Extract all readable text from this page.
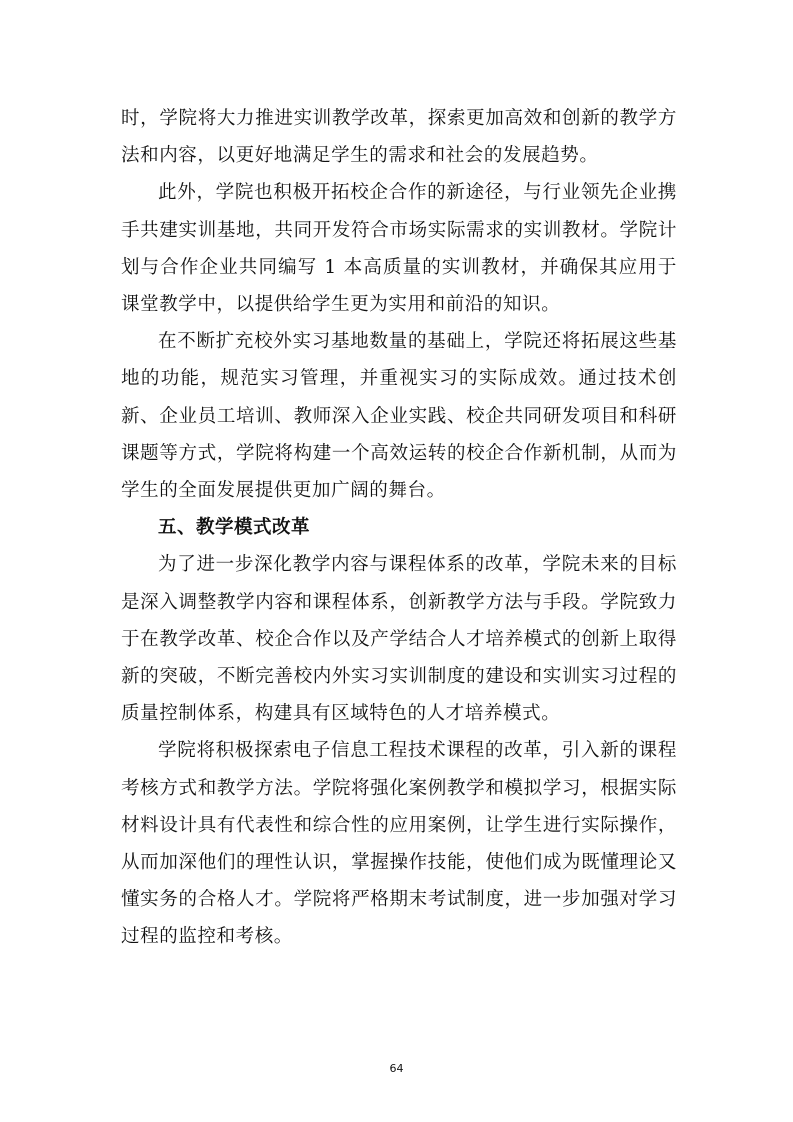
时，学院将大力推进实训教学改革，探索更加高效和创新的教学方法和内容，以更好地满足学生的需求和社会的发展趋势。

此外，学院也积极开拓校企合作的新途径，与行业领先企业携手共建实训基地，共同开发符合市场实际需求的实训教材。学院计划与合作企业共同编写 1 本高质量的实训教材，并确保其应用于课堂教学中，以提供给学生更为实用和前沿的知识。

在不断扩充校外实习基地数量的基础上，学院还将拓展这些基地的功能，规范实习管理，并重视实习的实际成效。通过技术创新、企业员工培训、教师深入企业实践、校企共同研发项目和科研课题等方式，学院将构建一个高效运转的校企合作新机制，从而为学生的全面发展提供更加广阔的舞台。

五、教学模式改革

为了进一步深化教学内容与课程体系的改革，学院未来的目标是深入调整教学内容和课程体系，创新教学方法与手段。学院致力于在教学改革、校企合作以及产学结合人才培养模式的创新上取得新的突破，不断完善校内外实习实训制度的建设和实训实习过程的质量控制体系，构建具有区域特色的人才培养模式。

学院将积极探索电子信息工程技术课程的改革，引入新的课程考核方式和教学方法。学院将强化案例教学和模拟学习，根据实际材料设计具有代表性和综合性的应用案例，让学生进行实际操作，从而加深他们的理性认识，掌握操作技能，使他们成为既懂理论又懂实务的合格人才。学院将严格期末考试制度，进一步加强对学习过程的监控和考核。

64
